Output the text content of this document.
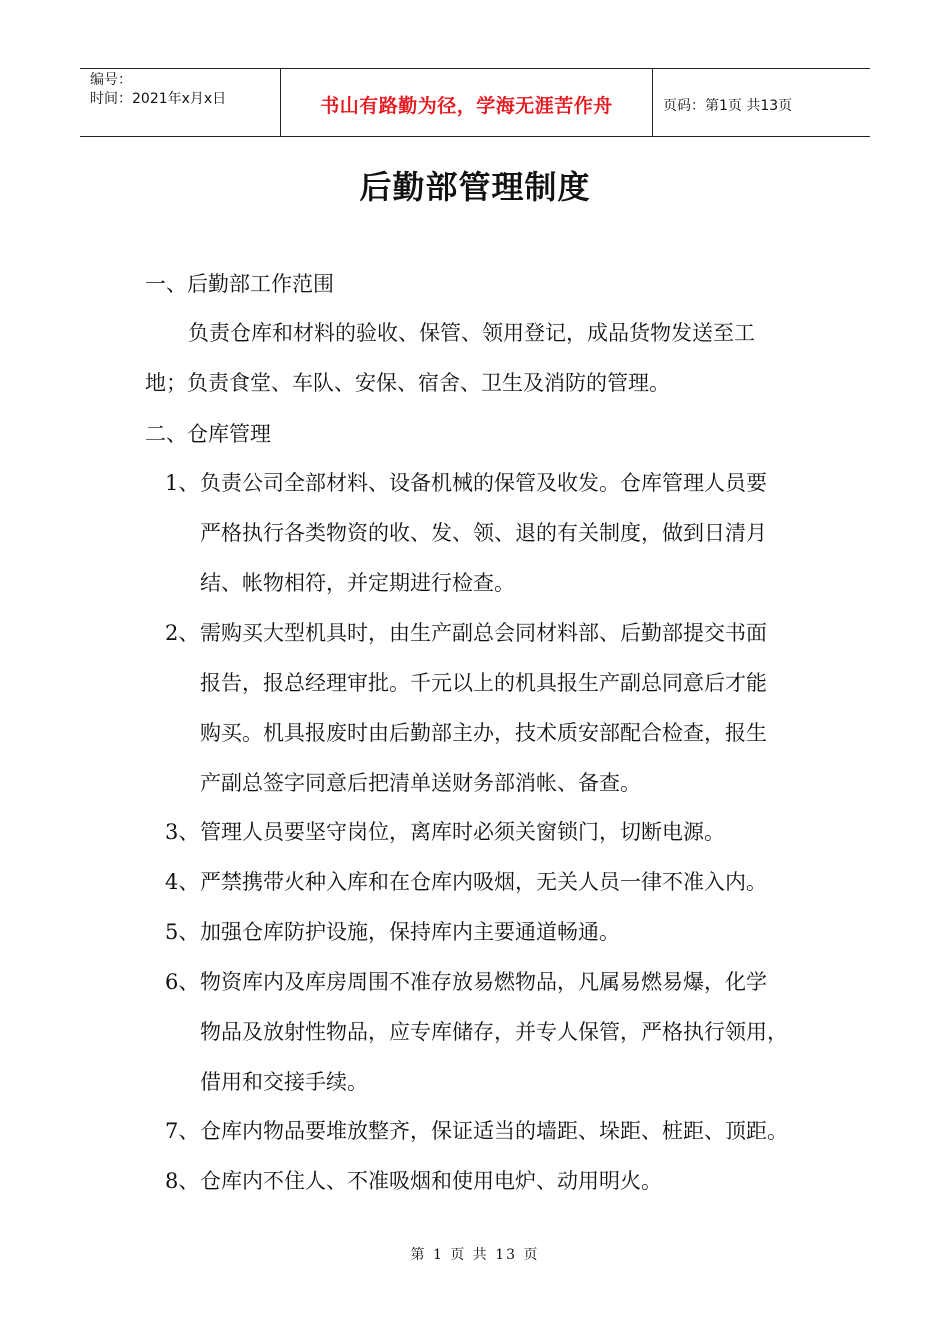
编号：
时间：2021年x月x日	书山有路勤为径，学海无涯苦作舟	页码：第1页 共13页
后勤部管理制度
一、后勤部工作范围
负责仓库和材料的验收、保管、领用登记，成品货物发送至工
地；负责食堂、车队、安保、宿舍、卫生及消防的管理。
二、仓库管理
1、 负责公司全部材料、设备机械的保管及收发。仓库管理人员要
严格执行各类物资的收、发、领、退的有关制度，做到日清月
结、帐物相符，并定期进行检查。
2、 需购买大型机具时，由生产副总会同材料部、后勤部提交书面
报告，报总经理审批。千元以上的机具报生产副总同意后才能
购买。机具报废时由后勤部主办，技术质安部配合检查，报生
产副总签字同意后把清单送财务部消帐、备查。
3、 管理人员要坚守岗位，离库时必须关窗锁门，切断电源。
4、 严禁携带火种入库和在仓库内吸烟，无关人员一律不准入内。
5、 加强仓库防护设施，保持库内主要通道畅通。
6、 物资库内及库房周围不准存放易燃物品，凡属易燃易爆，化学
物品及放射性物品，应专库储存，并专人保管，严格执行领用，
借用和交接手续。
7、 仓库内物品要堆放整齐，保证适当的墙距、垛距、桩距、顶距。
8、 仓库内不住人、不准吸烟和使用电炉、动用明火。
第 1 页 共 13 页
